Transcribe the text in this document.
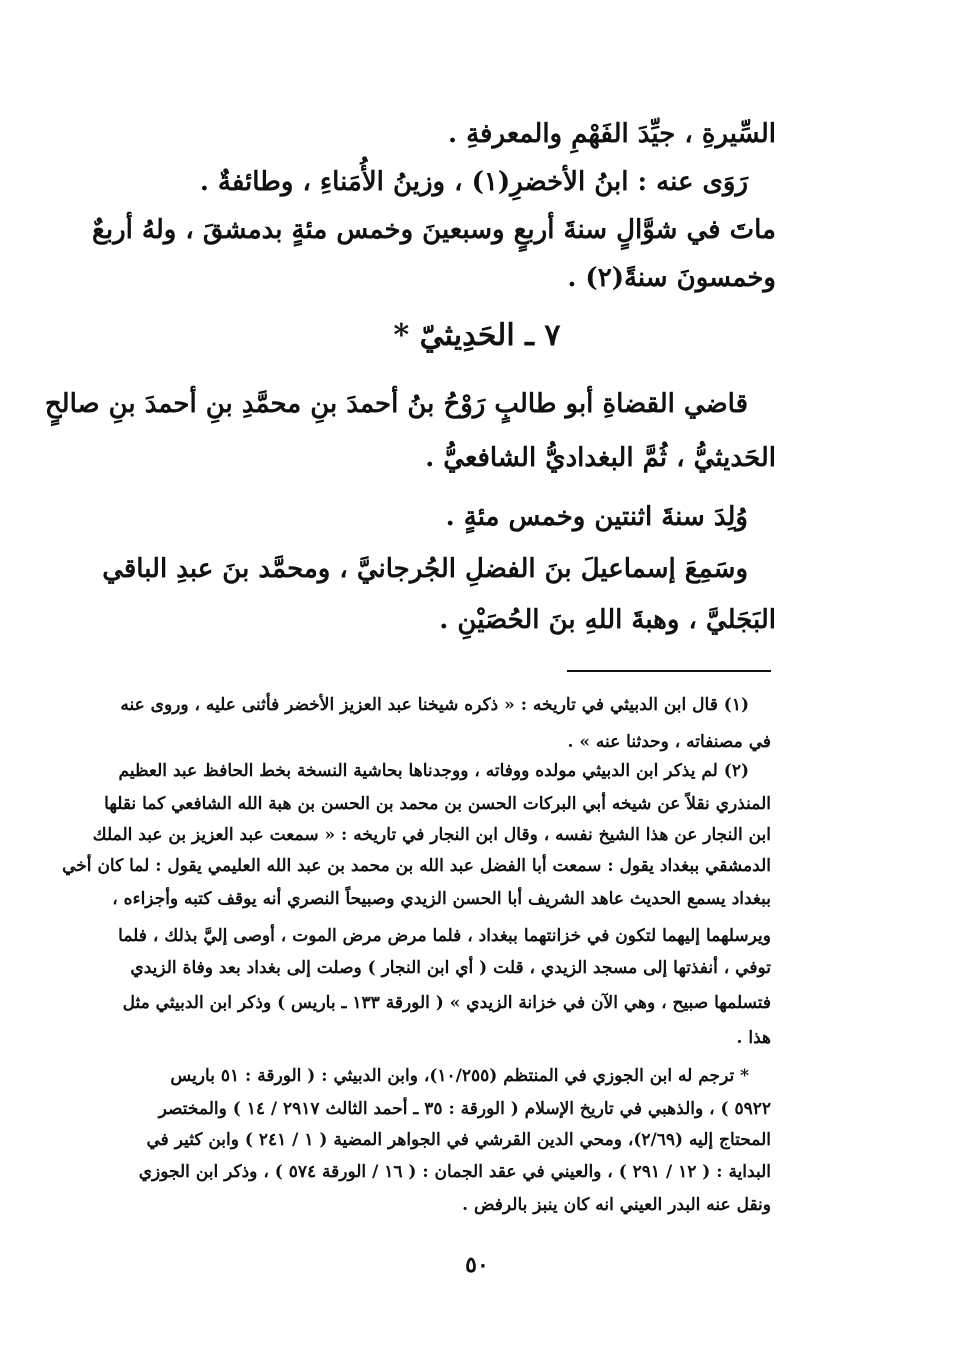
السِّيرةِ ، جيِّدَ الفَهْمِ والمعرفةِ .
رَوَى عنه : ابنُ الأخضرِ(١) ، وزينُ الأُمَناءِ ، وطائفةٌ .
ماتَ في شوَّالٍ سنةَ أربعٍ وسبعينَ وخمس مئةٍ بدمشقَ ، ولهُ أربعٌ
وخمسونَ سنةً(٢) .
٧ ـ الحَدِيثيّ *
قاضي القضاةِ أبو طالبٍ رَوْحُ بنُ أحمدَ بنِ محمَّدِ بنِ أحمدَ بنِ صالحٍ
الحَديثيُّ ، ثُمَّ البغداديُّ الشافعيُّ .
وُلِدَ سنةَ اثنتين وخمس مئةٍ .
وسَمِعَ إسماعيلَ بنَ الفضلِ الجُرجانيَّ ، ومحمَّد بنَ عبدِ الباقي
البَجَليَّ ، وهبةَ اللهِ بنَ الحُصَيْنِ .
(١) قال ابن الدبيثي في تاريخه : « ذكره شيخنا عبد العزيز الأخضر فأثنى عليه ، وروى عنه
في مصنفاته ، وحدثنا عنه » .
(٢) لم يذكر ابن الدبيثي مولده ووفاته ، ووجدناها بحاشية النسخة بخط الحافظ عبد العظيم
المنذري نقلاً عن شيخه أبي البركات الحسن بن محمد بن الحسن بن هبة الله الشافعي كما نقلها
ابن النجار عن هذا الشيخ نفسه ، وقال ابن النجار في تاريخه : « سمعت عبد العزيز بن عبد الملك
الدمشقي ببغداد يقول : سمعت أبا الفضل عبد الله بن محمد بن عبد الله العليمي يقول : لما كان أخي
ببغداد يسمع الحديث عاهد الشريف أبا الحسن الزيدي وصبيحاً النصري أنه يوقف كتبه وأجزاءه ،
ويرسلهما إليهما لتكون في خزانتهما ببغداد ، فلما مرض مرض الموت ، أوصى إليَّ بذلك ، فلما
توفي ، أنفذتها إلى مسجد الزيدي ، قلت ( أي ابن النجار ) وصلت إلى بغداد بعد وفاة الزيدي
فتسلمها صبيح ، وهي الآن في خزانة الزيدي » ( الورقة ١٣٣ ـ باريس ) وذكر ابن الدبيثي مثل
هذا .
* ترجم له ابن الجوزي في المنتظم (١٠/٢٥٥)، وابن الدبيثي : ( الورقة : ٥١ باريس
٥٩٢٢ ) ، والذهبي في تاريخ الإسلام ( الورقة : ٣٥ ـ أحمد الثالث ٢٩١٧ / ١٤ ) والمختصر
المحتاج إليه (٢/٦٩)، ومحي الدين القرشي في الجواهر المضية ( ١ / ٢٤١ ) وابن كثير في
البداية : ( ١٢ / ٢٩١ ) ، والعيني في عقد الجمان : ( ١٦ / الورقة ٥٧٤ ) ، وذكر ابن الجوزي
ونقل عنه البدر العيني انه كان ينبز بالرفض .
٥٠
